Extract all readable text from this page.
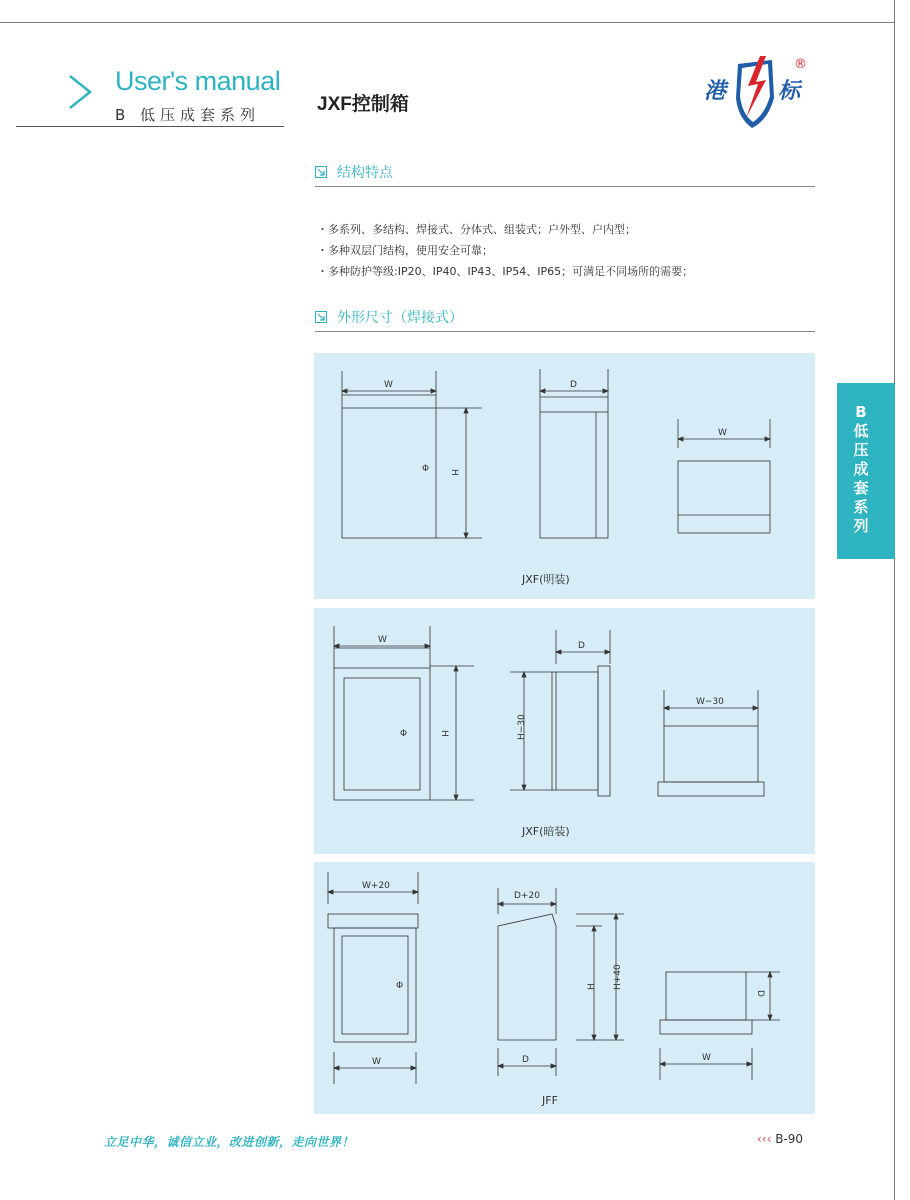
User's manual
B 低压成套系列	JXF控制箱
港 标
®
结构特点
・多系列、多结构、焊接式、分体式、组装式；户外型、户内型；
・多种双层门结构，使用安全可靠；
・多种防护等级:IP20、IP40、IP43、IP54、IP65；可满足不同场所的需要；
外形尺寸（焊接式）
W
Φ H
D
W
JXF(明装)
W
Φ	H	H−30
D
W−30
JXF(暗装)
W+20
Φ
W
D+20
D
H H+40
D
W
JFF
B低压成套系列
立足中华，诚信立业，改进创新，走向世界！	‹‹‹ B-90
